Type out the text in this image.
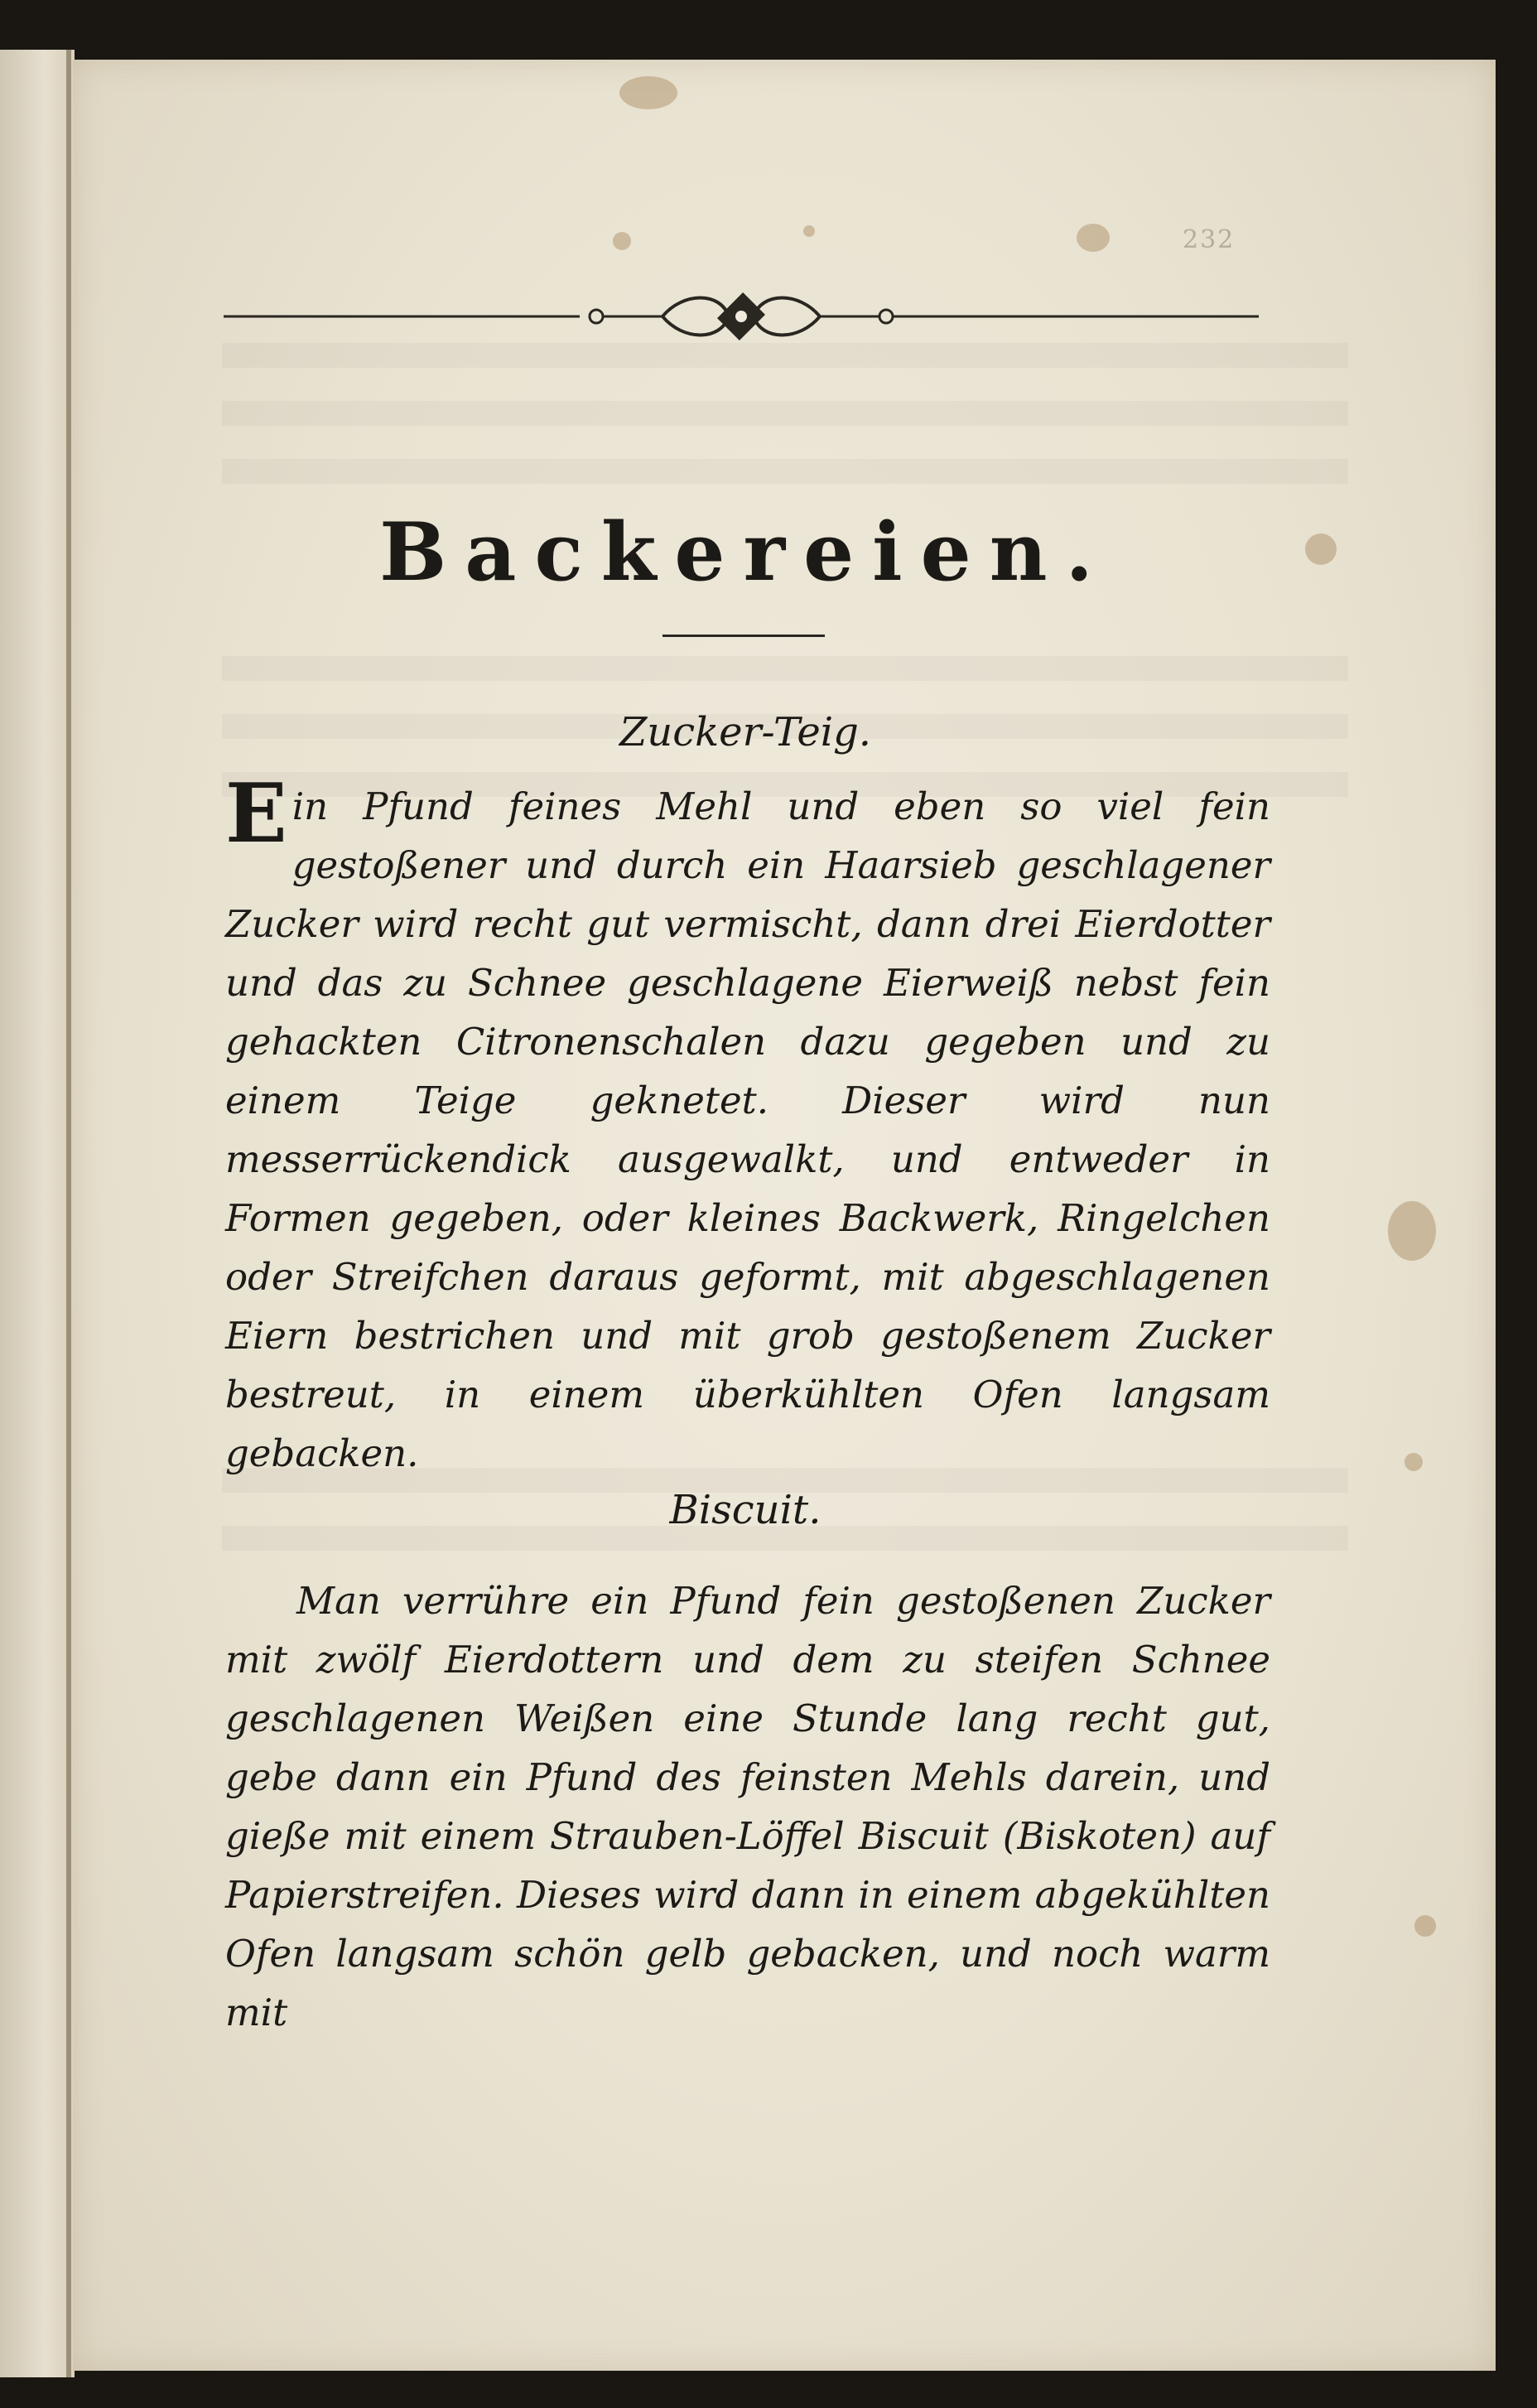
232
Backereien.
Zucker-Teig.

Ein Pfund feines Mehl und eben so viel fein gestoßener und durch ein Haarsieb geschlagener Zucker wird recht gut vermischt, dann drei Eierdotter und das zu Schnee geschlagene Eierweiß nebst fein gehackten Citronenschalen dazu gegeben und zu einem Teige geknetet. Dieser wird nun messerrückendick ausgewalkt, und entweder in Formen gegeben, oder kleines Backwerk, Ringelchen oder Streifchen daraus geformt, mit abgeschlagenen Eiern bestrichen und mit grob gestoßenem Zucker bestreut, in einem überkühlten Ofen langsam gebacken.

Biscuit.

Man verrühre ein Pfund fein gestoßenen Zucker mit zwölf Eierdottern und dem zu steifen Schnee geschlagenen Weißen eine Stunde lang recht gut, gebe dann ein Pfund des feinsten Mehls darein, und gieße mit einem Strauben-Löffel Biscuit (Biskoten) auf Papierstreifen. Dieses wird dann in einem abgekühlten Ofen langsam schön gelb gebacken, und noch warm mit
